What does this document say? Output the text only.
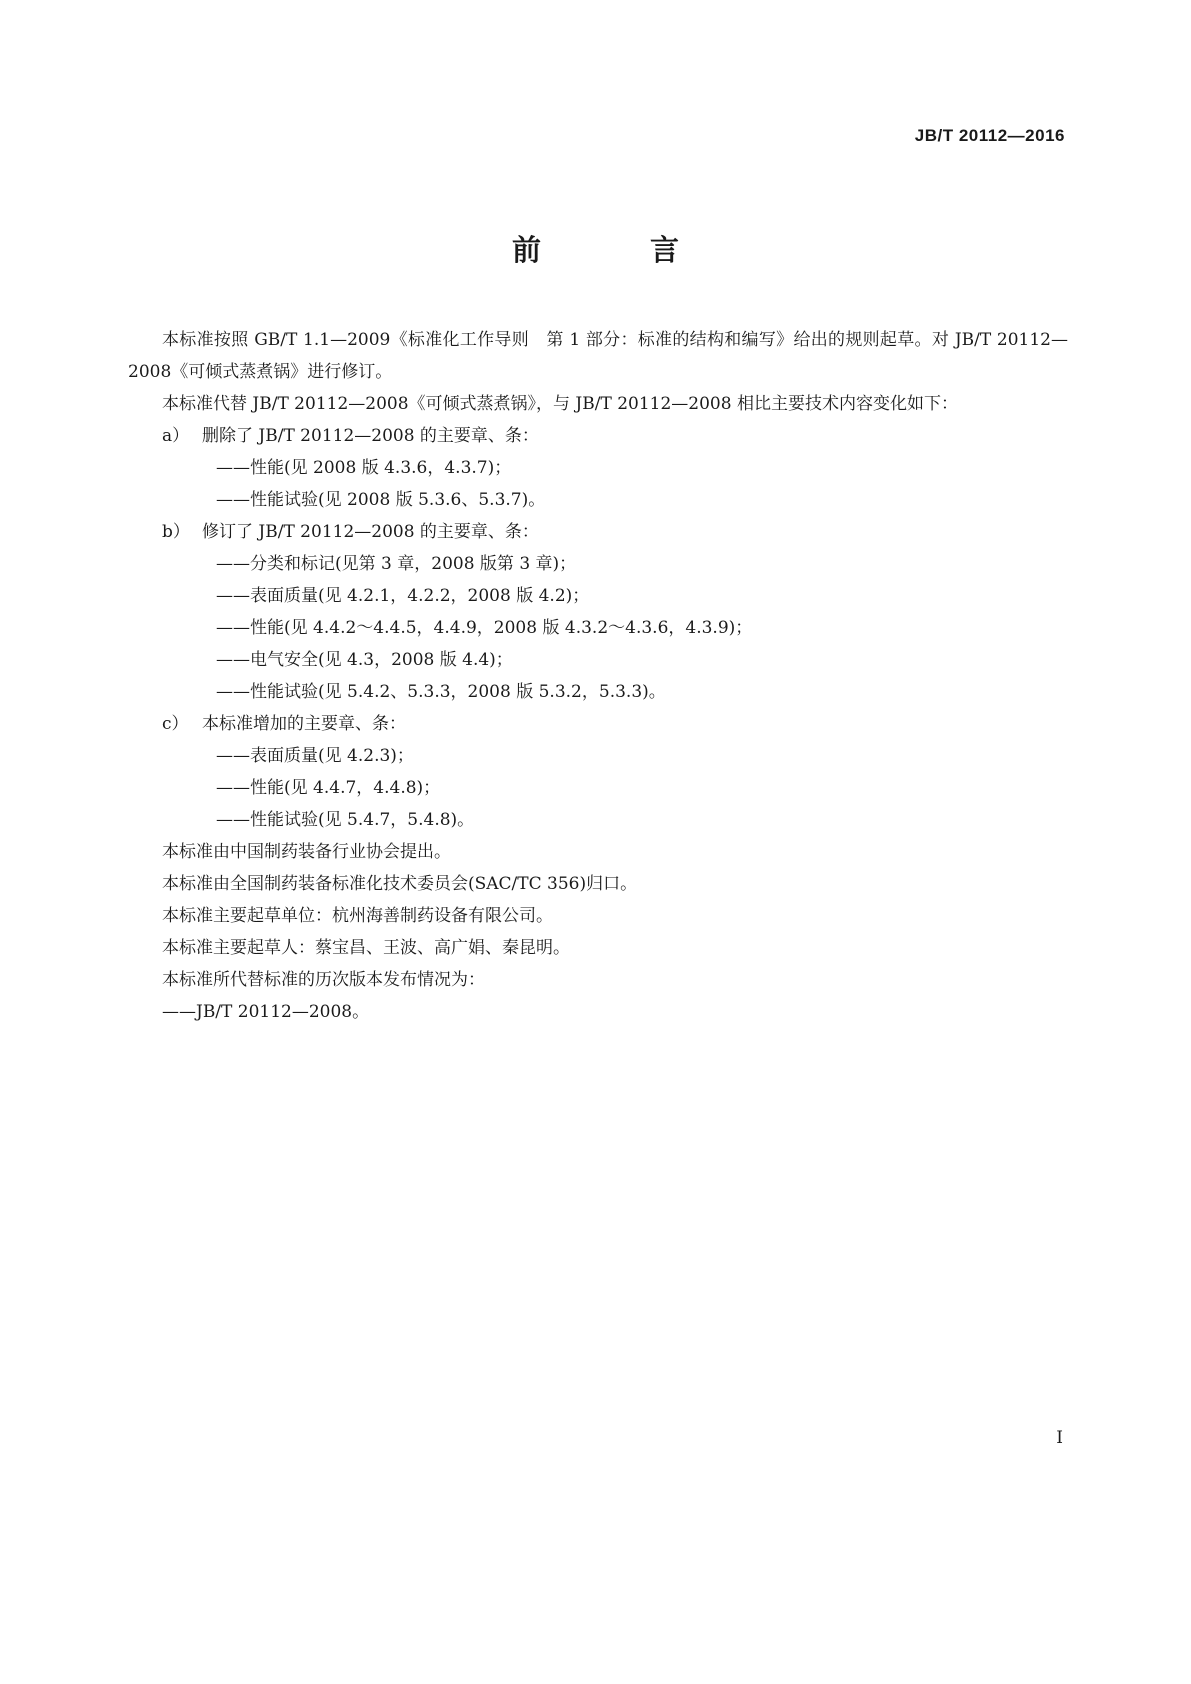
JB/T 20112—2016
前　言

本标准按照 GB/T 1.1—2009《标准化工作导则　第 1 部分：标准的结构和编写》给出的规则起草。对 JB/T 20112—2008《可倾式蒸煮锅》进行修订。

本标准代替 JB/T 20112—2008《可倾式蒸煮锅》，与 JB/T 20112—2008 相比主要技术内容变化如下：

a） 删除了 JB/T 20112—2008 的主要章、条：

——性能(见 2008 版 4.3.6，4.3.7)；

——性能试验(见 2008 版 5.3.6、5.3.7)。

b） 修订了 JB/T 20112—2008 的主要章、条：

——分类和标记(见第 3 章，2008 版第 3 章)；

——表面质量(见 4.2.1，4.2.2，2008 版 4.2)；

——性能(见 4.4.2～4.4.5，4.4.9，2008 版 4.3.2～4.3.6，4.3.9)；

——电气安全(见 4.3，2008 版 4.4)；

——性能试验(见 5.4.2、5.3.3，2008 版 5.3.2，5.3.3)。

c） 本标准增加的主要章、条：

——表面质量(见 4.2.3)；

——性能(见 4.4.7，4.4.8)；

——性能试验(见 5.4.7，5.4.8)。

本标准由中国制药装备行业协会提出。

本标准由全国制药装备标准化技术委员会(SAC/TC 356)归口。

本标准主要起草单位：杭州海善制药设备有限公司。

本标准主要起草人：蔡宝昌、王波、高广娟、秦昆明。

本标准所代替标准的历次版本发布情况为：

——JB/T 20112—2008。

I
